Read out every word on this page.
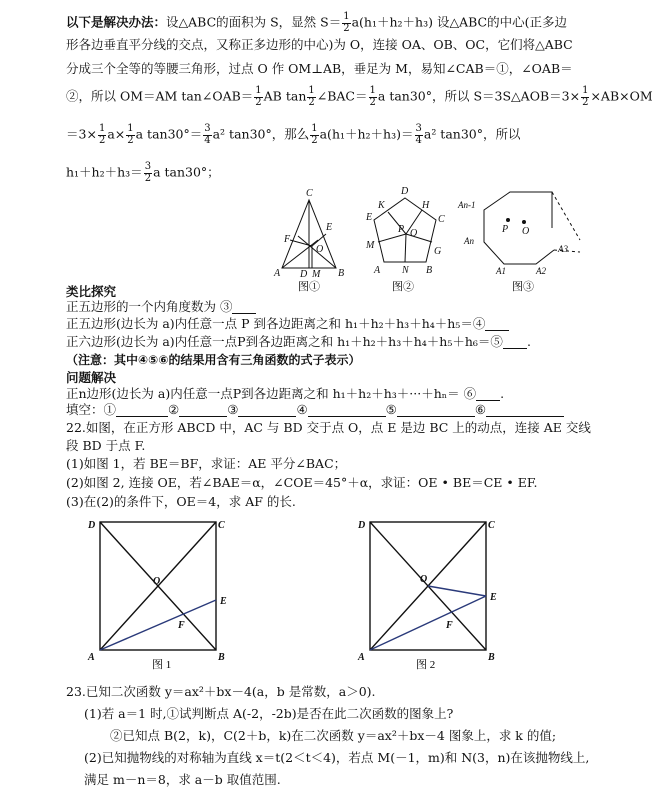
以下是解决办法：设△ABC的面积为 S，显然 $S= \frac{1}{2} a(h_1+h_2+h_3)$ 设△ABC的中心(正多边
形各边垂直平分线的交点，又称正多边形的中心)为 O，连接 OA、OB、OC，它们将△ABC
分成三个全等的等腰三角形，过点 O 作 OM⊥AB，垂足为 M，易知∠CAB＝①，∠OAB＝
②，所以 OM＝AM tan∠OAB＝ $\frac{1}{2}$ AB $\tan \frac{1}{2}$ ∠BAC＝ $\frac{1}{2}$ a tan30°，所以 S＝3S△AOB＝3× $\frac{1}{2} \times AB\times OM$
$=3\times \frac{1}{2} a\times \frac{1}{2}$ a $\tan 30^\circ= \frac{3}{4} a^2$ tan30°，那么 $\frac{1}{2} a(h_1+h_2+h_3)= \frac{3}{4} a^2$ tan30°，所以
$h_1+h_2+h_3= \frac{3}{2}$ a tan30°；
C
A	B
D M
F
E
O
图①
D
H
K
E	C
M
G
P O
A N B
图②
An-1
An
A1	A2
A3
P O
图③
类比探究
正五边形的一个内角度数为 ③
正五边形(边长为 a)内任意一点 P 到各边距离之和 h₁＋h₂＋h₃＋h₄＋h₅＝④
正六边形(边长为 a)内任意一点P到各边距离之和 h₁＋h₂＋h₃＋h₄＋h₅＋h₆＝⑤ .
（注意：其中④⑤⑥的结果用含有三角函数的式子表示）
问题解决
正n边形(边长为 a)内任意一点P到各边距离之和 h₁＋h₂＋h₃＋···＋hₙ＝ ⑥ .
填空：①	②	③	④	⑤	⑥
22.如图，在正方形 ABCD 中，AC 与 BD 交于点 O，点 E 是边 BC 上的动点，连接 AE 交线
段 BD 于点 F.
(1)如图 1，若 BE＝BF，求证：AE 平分∠BAC；
(2)如图 2, 连接 OE，若∠BAE＝α，∠COE＝45°＋α，求证：OE • BE＝CE • EF.
(3)在(2)的条件下，OE＝4，求 AF 的长.
D	C
A	B
O
E
F
图 1
D	C
A	B
O
E
F
图 2
23.已知二次函数 y＝ax²＋bx－4(a，b 是常数，a＞0).
(1)若 a＝1 时,①试判断点 A(-2，-2b)是否在此二次函数的图象上?
②已知点 B(2，k)，C(2＋b，k)在二次函数 y＝ax²＋bx－4 图象上，求 k 的值;
(2)已知抛物线的对称轴为直线 x＝t(2＜t＜4)，若点 M(－1，m)和 N(3，n)在该抛物线上,
满足 m－n＝8，求 a－b 取值范围.
